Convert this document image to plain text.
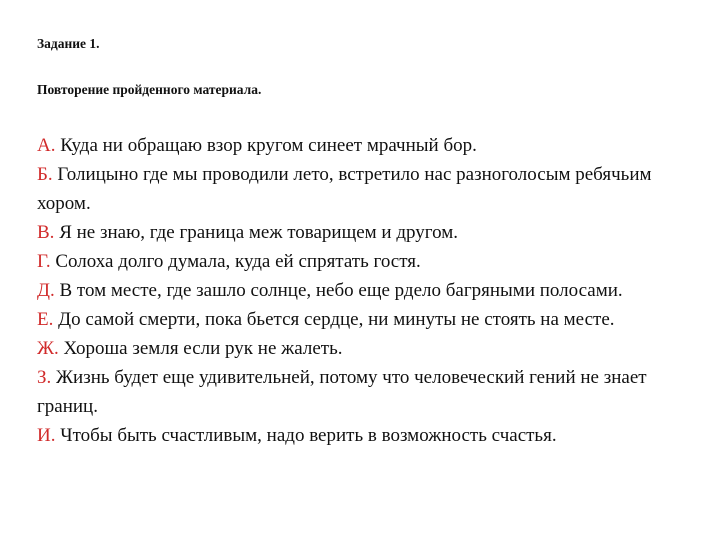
Задание 1.

Повторение пройденного материала.

А. Куда ни обращаю взор кругом синеет мрачный бор.
Б. Голицыно где мы проводили лето, встретило нас разноголосым ребячьим хором.
В. Я не знаю, где граница меж товарищем и другом.
Г. Солоха долго думала, куда ей спрятать гостя.
Д. В том месте, где зашло солнце, небо еще рдело багряными полосами.
Е. До самой смерти, пока бьется сердце, ни минуты не стоять на месте.
Ж. Хороша земля если рук не жалеть.
З. Жизнь будет еще удивительней, потому что человеческий гений не знает границ.
И. Чтобы быть счастливым, надо верить в возможность счастья.
